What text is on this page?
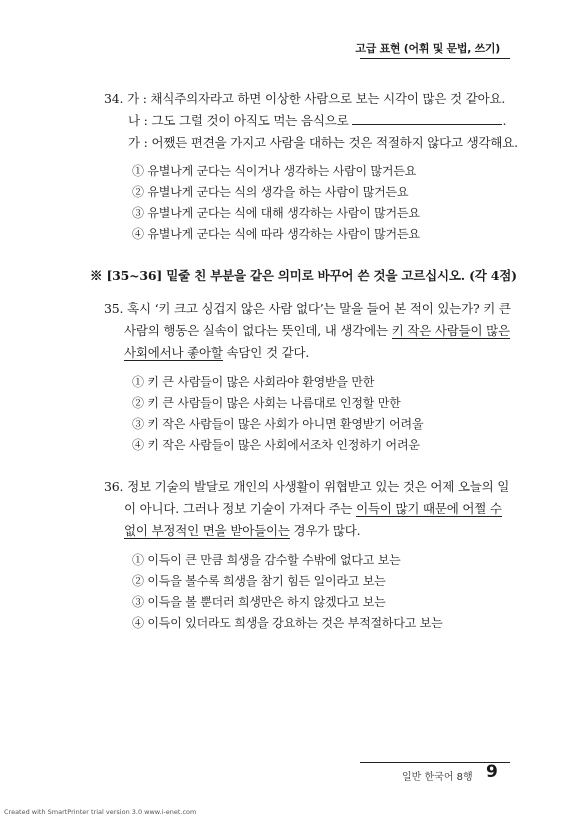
고급 표현 (어휘 및 문법, 쓰기)
34. 가 : 채식주의자라고 하면 이상한 사람으로 보는 시각이 많은 것 같아요.
나 : 그도 그럴 것이 아직도 먹는 음식으로	.
가 : 어쨌든 편견을 가지고 사람을 대하는 것은 적절하지 않다고 생각해요.
① 유별나게 군다는 식이거나 생각하는 사람이 많거든요
② 유별나게 군다는 식의 생각을 하는 사람이 많거든요
③ 유별나게 군다는 식에 대해 생각하는 사람이 많거든요
④ 유별나게 군다는 식에 따라 생각하는 사람이 많거든요
※ [35~36] 밑줄 친 부분을 같은 의미로 바꾸어 쓴 것을 고르십시오. (각 4점)
35. 혹시 ‘키 크고 싱겁지 않은 사람 없다’는 말을 들어 본 적이 있는가? 키 큰
사람의 행동은 실속이 없다는 뜻인데, 내 생각에는 키 작은 사람들이 많은
사회에서나 좋아할 속담인 것 같다.
① 키 큰 사람들이 많은 사회라야 환영받을 만한
② 키 큰 사람들이 많은 사회는 나름대로 인정할 만한
③ 키 작은 사람들이 많은 사회가 아니면 환영받기 어려울
④ 키 작은 사람들이 많은 사회에서조차 인정하기 어려운
36. 정보 기술의 발달로 개인의 사생활이 위협받고 있는 것은 어제 오늘의 일
이 아니다. 그러나 정보 기술이 가져다 주는 이득이 많기 때문에 어쩔 수
없이 부정적인 면을 받아들이는 경우가 많다.
① 이득이 큰 만큼 희생을 감수할 수밖에 없다고 보는
② 이득을 볼수록 희생을 참기 힘든 일이라고 보는
③ 이득을 볼 뿐더러 희생만은 하지 않겠다고 보는
④ 이득이 있더라도 희생을 강요하는 것은 부적절하다고 보는
일반 한국어 8행 9
Created with SmartPrinter trial version 3.0 www.i-enet.com
